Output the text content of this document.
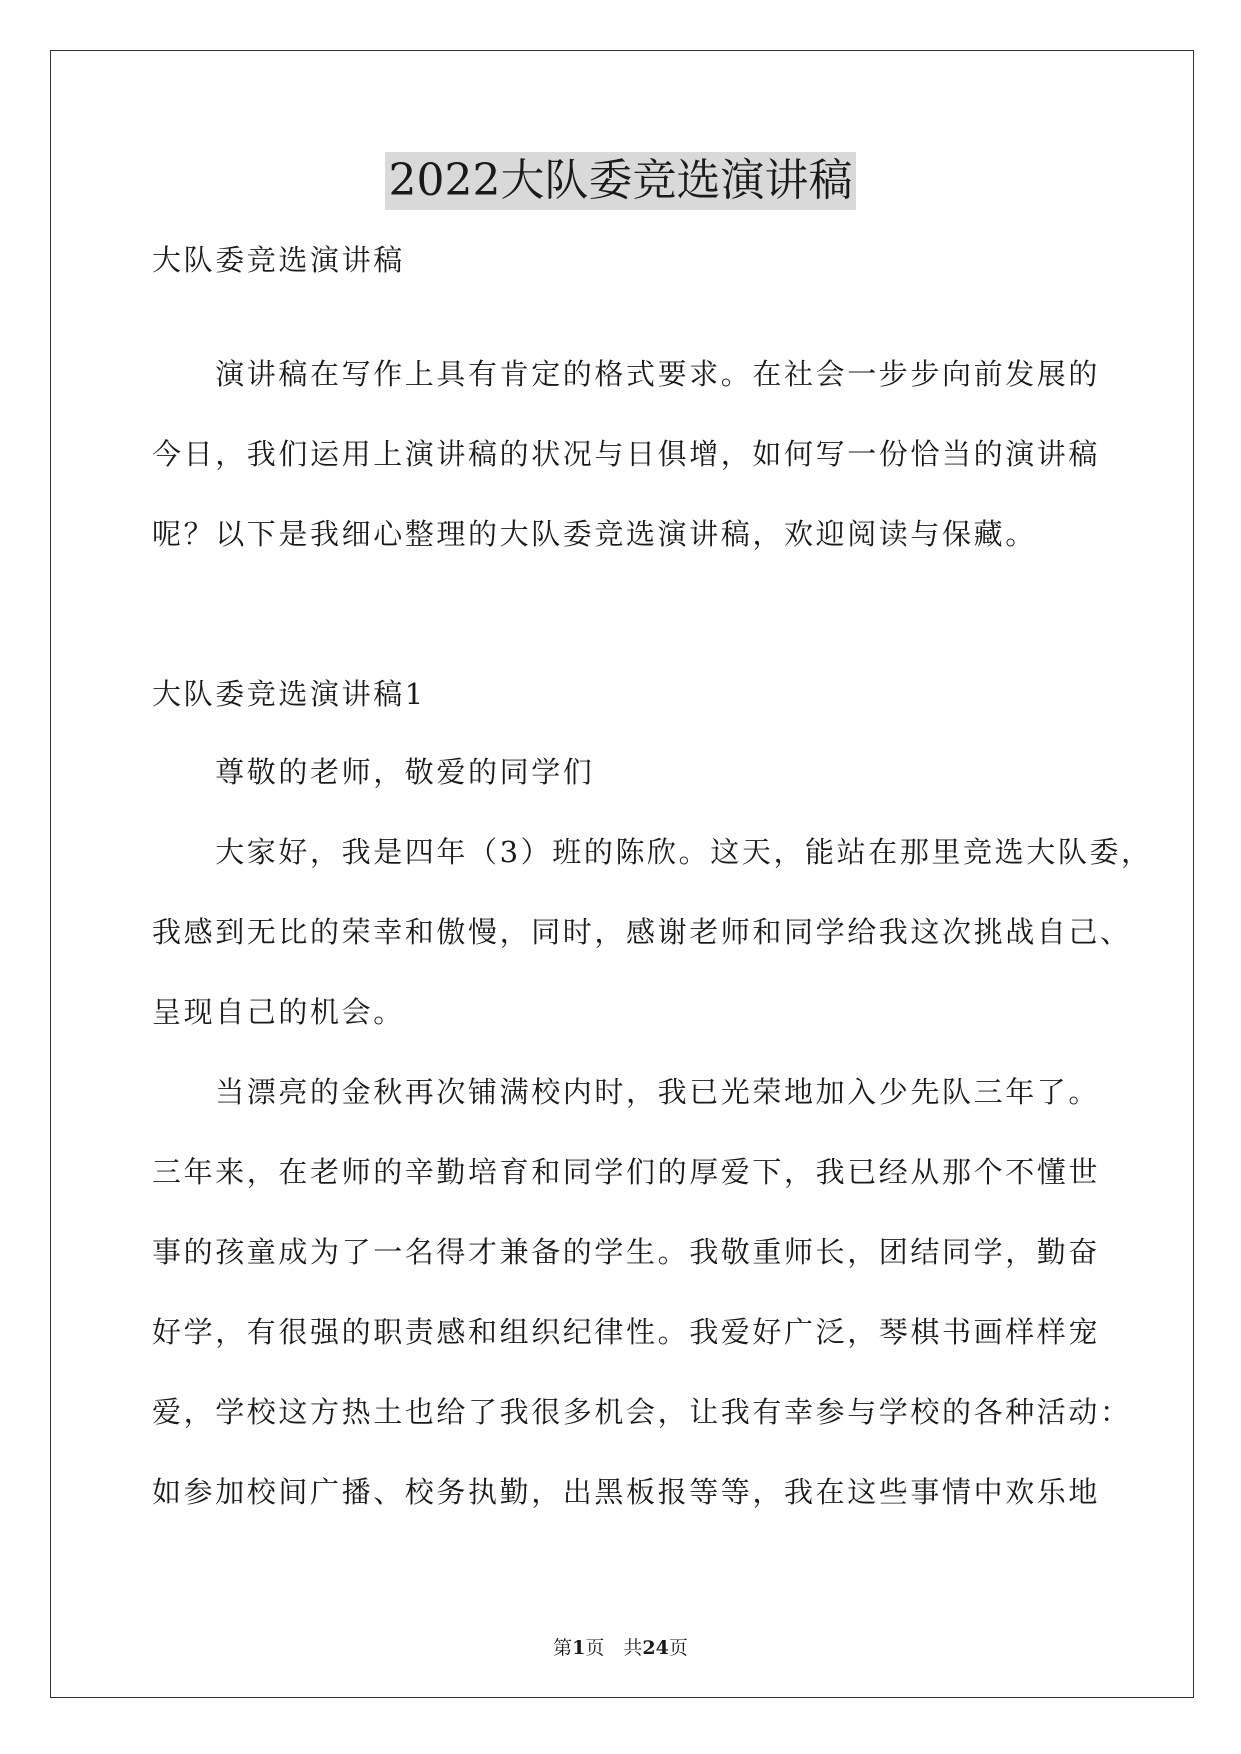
2022大队委竞选演讲稿
大队委竞选演讲稿
　　演讲稿在写作上具有肯定的格式要求。在社会一步步向前发展的
今日，我们运用上演讲稿的状况与日俱增，如何写一份恰当的演讲稿
呢？以下是我细心整理的大队委竞选演讲稿，欢迎阅读与保藏。
大队委竞选演讲稿1
　　尊敬的老师，敬爱的同学们
　　大家好，我是四年（3）班的陈欣。这天，能站在那里竞选大队委，
我感到无比的荣幸和傲慢，同时，感谢老师和同学给我这次挑战自己、
呈现自己的机会。
　　当漂亮的金秋再次铺满校内时，我已光荣地加入少先队三年了。
三年来，在老师的辛勤培育和同学们的厚爱下，我已经从那个不懂世
事的孩童成为了一名得才兼备的学生。我敬重师长，团结同学，勤奋
好学，有很强的职责感和组织纪律性。我爱好广泛，琴棋书画样样宠
爱，学校这方热土也给了我很多机会，让我有幸参与学校的各种活动：
如参加校间广播、校务执勤，出黑板报等等，我在这些事情中欢乐地
第1页　共24页
